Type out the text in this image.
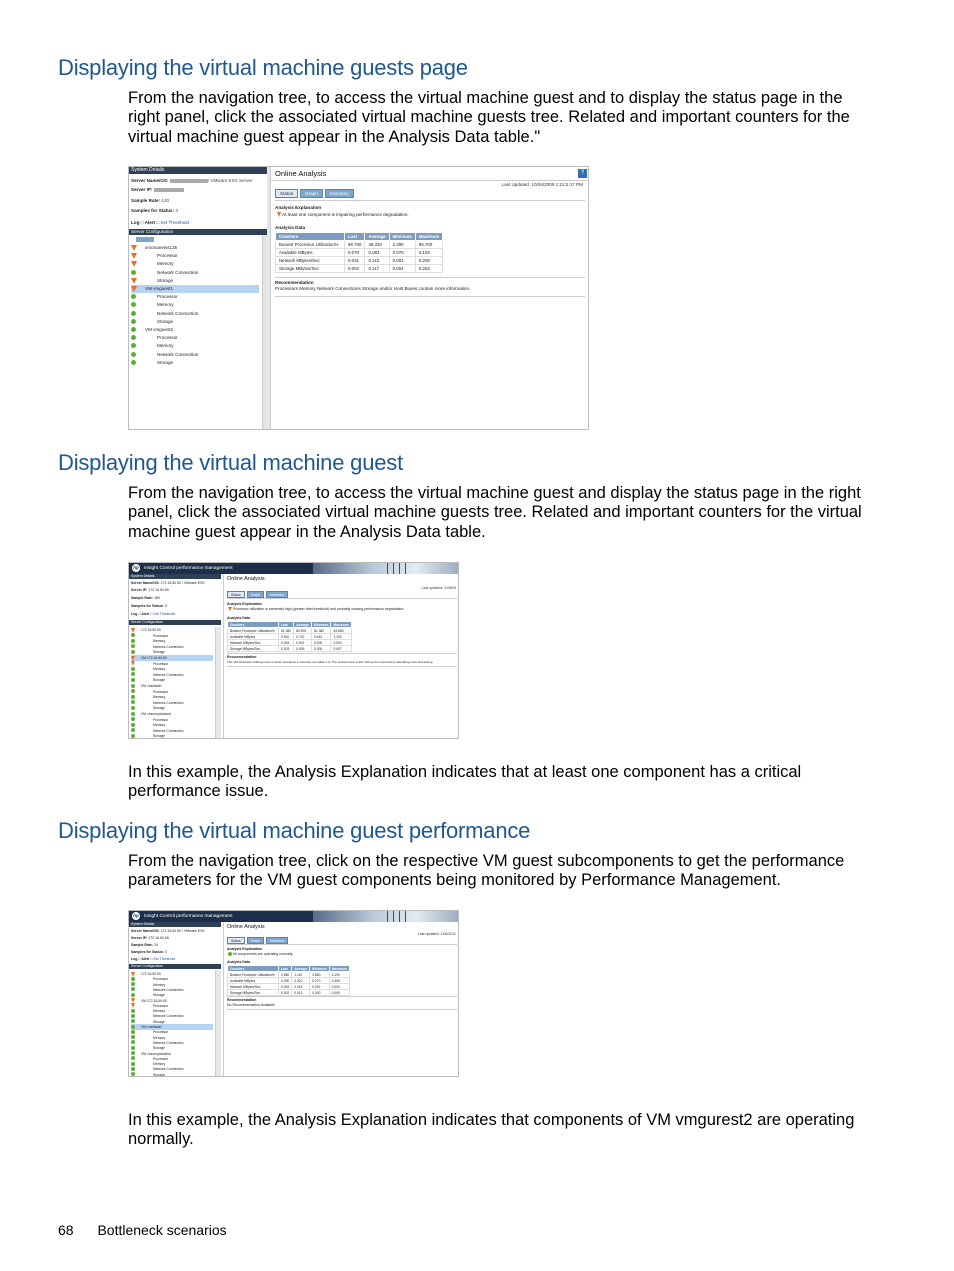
Displaying the virtual machine guests page

From the navigation tree, to access the virtual machine guest and to display the status page in the right panel, click the associated virtual machine guests tree. Related and important counters for the virtual machine guest appear in the Analysis Data table."

Displaying the virtual machine guest

From the navigation tree, to access the virtual machine guest and display the status page in the right panel, click the associated virtual machine guests tree. Related and important counters for the virtual machine guest appear in the Analysis Data table.

In this example, the Analysis Explanation indicates that at least one component has a critical performance issue.

Displaying the virtual machine guest performance

From the navigation tree, click on the respective VM guest subcomponents to get the performance parameters for the VM guest components being monitored by Performance Management.

In this example, the Analysis Explanation indicates that components of VM vmgurest2 are operating normally.

68 Bottleneck scenarios
System Details
Server Name/OS:	/ VMware ESX Server
Server IP:
Sample Rate: 120
Samples for Status: 3
Log □ Alert □ Set Threshold
Server Configuration
vmonanews135
Processor
Memory
Network Connection
Storage
VM vmguest1
Processor
Memory
Network Connection
Storage
VM vmguest2
Processor
Memory
Network Connection
Storage
Online Analysis	?
Status	Graph	Inventory
Last Updated: 10/26/2009 1:21:5:17 PM
Analysis Explanation
At least one component is impairing performance degradation.
Analysis Data
Counters	Last	Average	Minimum	Maximum
Busiest Processor Utilization%	96.700	49.333	2.390	96.700
Available MBytes	0.070	0.083	0.070	0.103
Network MBytes/Sec	0.031	0.113	0.001	0.205
Storage MBytes/Sec	0.004	0.117	0.004	0.252
Recommendation
Processors Memory Network Connections Storage and/or Host Buses contain more information.
hp Insight Control performance management
System Details
Server Name/OS: 172.16.60.50 / VMware ESX
Server IP: 172.16.60.65
Sample Rate: 180
Samples for Status: 3
Log □ Alert □ Set Threshold
Server Configuration
172.16.60.50
Processor
Memory
Network Connection
Storage
VM 172.16.60.50
Processor
Memory
Network Connection
Storage
VM vmcitadel
Processor
Memory
Network Connection
Storage
VM vmcompdoctest
Processor
Memory
Network Connection
Storage
Online Analysis
Status	Graph	Inventory
Last updated: 11/6/09
Analysis Explanation
Processor utilization is extremely high (greater than threshold) and probably causing performance degradation.
Analysis Data
Counters	Last	Average	Minimum	Maximum
Busiest Processor Utilization%	81.380	83.900	81.380	83.850
Available MBytes	0.810	0.720	0.610	1.200
Network MBytes/Sec	0.004	0.002	0.000	0.004
Storage MBytes/Sec	0.003	0.009	0.003	0.007
Recommendation
This VM should be utilizing more or fewer resources it currently can utilize it is. The performance of this VM can be improved by allocating more processing.
hp Insight Control performance management
System Details
Server Name/OS: 172.16.60.50 / VMware ESX
Server IP: 172.16.60.65
Sample Rate: 24
Samples for Status: 3
Log □ Alert □ Set Threshold
Server Configuration
172.16.60.50
Processor
Memory
Network Connection
Storage
VM 172.16.60.50
Processor
Memory
Network Connection
Storage
VM vmcitadel
Processor
Memory
Network Connection
Storage
VM vmcompdoctest
Processor
Memory
Network Connection
Storage
Online Analysis
Status	Graph	Inventory
Last updated: 11/6/2011
Analysis Explanation
All components are operating normally.
Analysis Data
Counters	Last	Average	Minimum	Maximum
Busiest Processor Utilization%	3.860	1.110	3.860	3.190
Available MBytes	0.290	0.310	0.270	0.350
Network MBytes/Sec	0.004	0.002	0.002	0.004
Storage MBytes/Sec	0.002	0.012	0.000	0.005
Recommendation
No Recommendation Available
